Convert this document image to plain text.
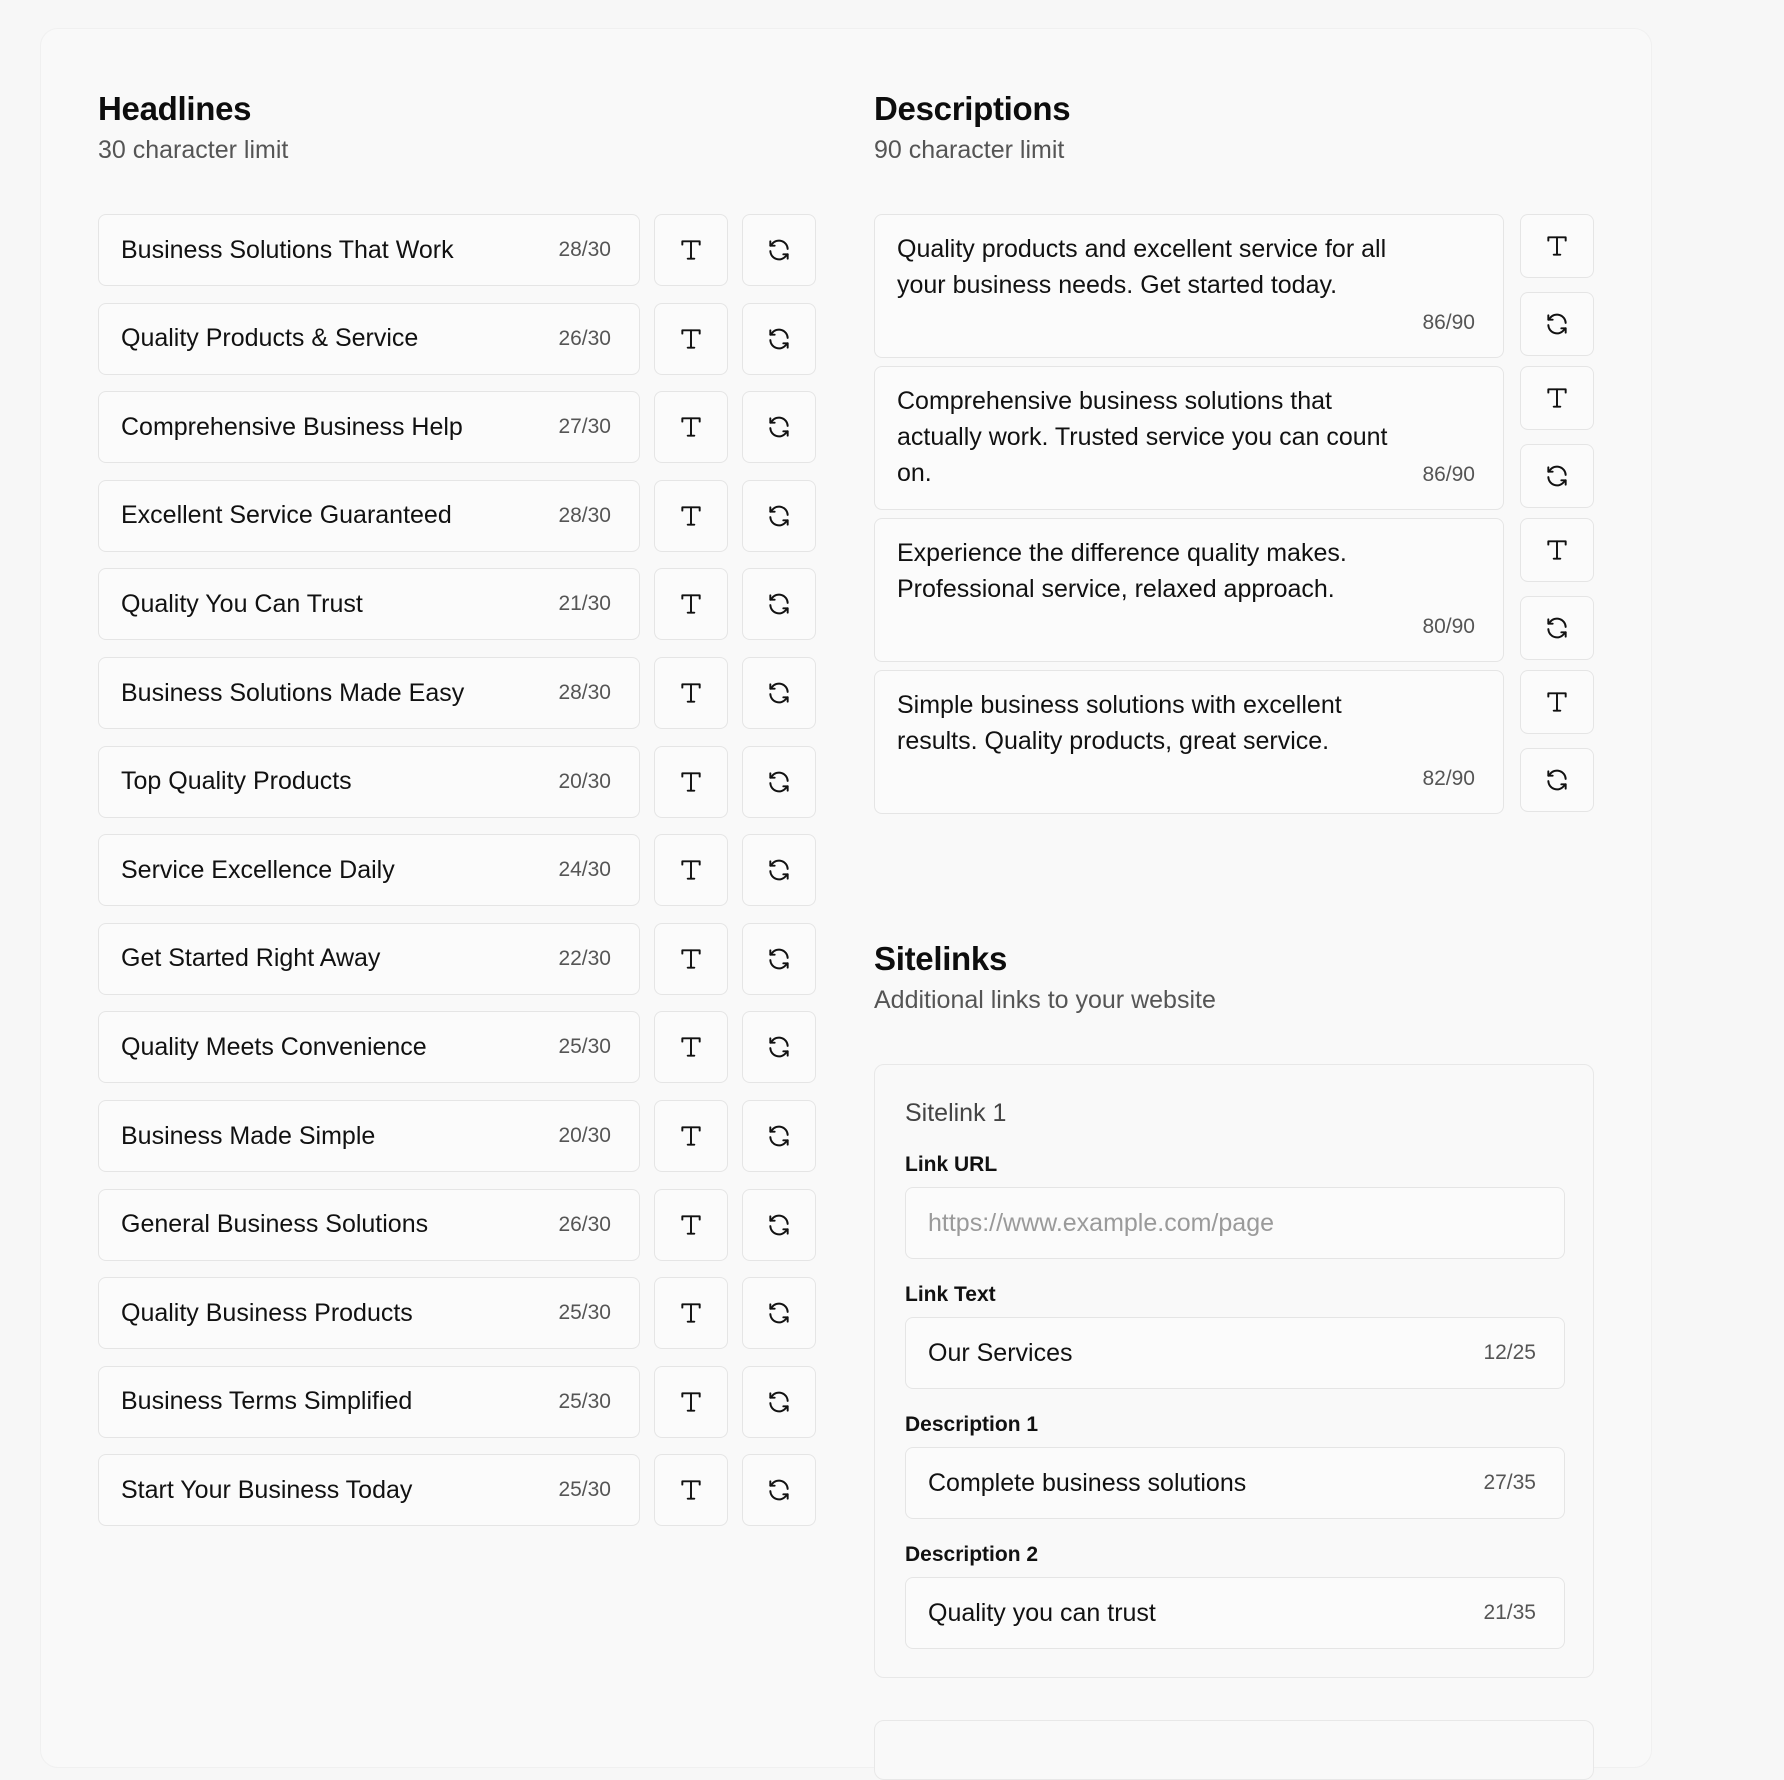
Headlines
30 character limit
Business Solutions That Work	28/30
Quality Products & Service	26/30
Comprehensive Business Help	27/30
Excellent Service Guaranteed	28/30
Quality You Can Trust	21/30
Business Solutions Made Easy	28/30
Top Quality Products	20/30
Service Excellence Daily	24/30
Get Started Right Away	22/30
Quality Meets Convenience	25/30
Business Made Simple	20/30
General Business Solutions	26/30
Quality Business Products	25/30
Business Terms Simplified	25/30
Start Your Business Today	25/30
Descriptions
90 character limit
Quality products and excellent service for all your business needs. Get started today.
86/90
Comprehensive business solutions that actually work. Trusted service you can count on.	86/90
Experience the difference quality makes. Professional service, relaxed approach.
80/90
Simple business solutions with excellent results. Quality products, great service.
82/90
Sitelinks
Additional links to your website
Sitelink 1
Link URL
https://www.example.com/page
Link Text
Our Services	12/25
Description 1
Complete business solutions	27/35
Description 2
Quality you can trust	21/35
